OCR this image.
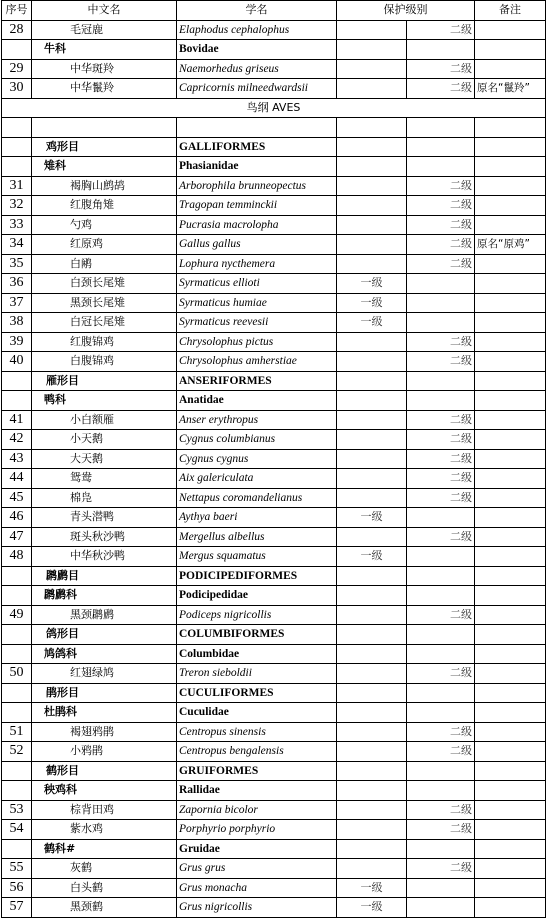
序号	中文名	学名	保护级别		备注
28	毛冠鹿	Elaphodus cephalophus		二级	
	牛科	Bovidae			
29	中华斑羚	Naemorhedus griseus		二级	
30	中华鬣羚	Capricornis milneedwardsii		二级	原名“鬣羚”
鸟纲 AVES					

	鸡形目	GALLIFORMES			
	雉科	Phasianidae			
31	褐胸山鹧鸪	Arborophila brunneopectus		二级	
32	红腹角雉	Tragopan temminckii		二级	
33	勺鸡	Pucrasia macrolopha		二级	
34	红原鸡	Gallus gallus		二级	原名“原鸡”
35	白鹇	Lophura nycthemera		二级	
36	白颈长尾雉	Syrmaticus ellioti	一级		
37	黑颈长尾雉	Syrmaticus humiae	一级		
38	白冠长尾雉	Syrmaticus reevesii	一级		
39	红腹锦鸡	Chrysolophus pictus		二级	
40	白腹锦鸡	Chrysolophus amherstiae		二级	
	雁形目	ANSERIFORMES			
	鸭科	Anatidae			
41	小白额雁	Anser erythropus		二级	
42	小天鹅	Cygnus columbianus		二级	
43	大天鹅	Cygnus cygnus		二级	
44	鸳鸯	Aix galericulata		二级	
45	棉凫	Nettapus coromandelianus		二级	
46	青头潜鸭	Aythya baeri	一级		
47	斑头秋沙鸭	Mergellus albellus		二级	
48	中华秋沙鸭	Mergus squamatus	一级		
	䴙䴘目	PODICIPEDIFORMES			
	䴙䴘科	Podicipedidae			
49	黑颈䴙䴘	Podiceps nigricollis		二级	
	鸽形目	COLUMBIFORMES			
	鸠鸽科	Columbidae			
50	红翅绿鸠	Treron sieboldii		二级	
	鹃形目	CUCULIFORMES			
	杜鹃科	Cuculidae			
51	褐翅鸦鹃	Centropus sinensis		二级	
52	小鸦鹃	Centropus bengalensis		二级	
	鹤形目	GRUIFORMES			
	秧鸡科	Rallidae			
53	棕背田鸡	Zapornia bicolor		二级	
54	紫水鸡	Porphyrio porphyrio		二级	
	鹤科#	Gruidae			
55	灰鹤	Grus grus		二级	
56	白头鹤	Grus monacha	一级		
57	黑颈鹤	Grus nigricollis	一级		
